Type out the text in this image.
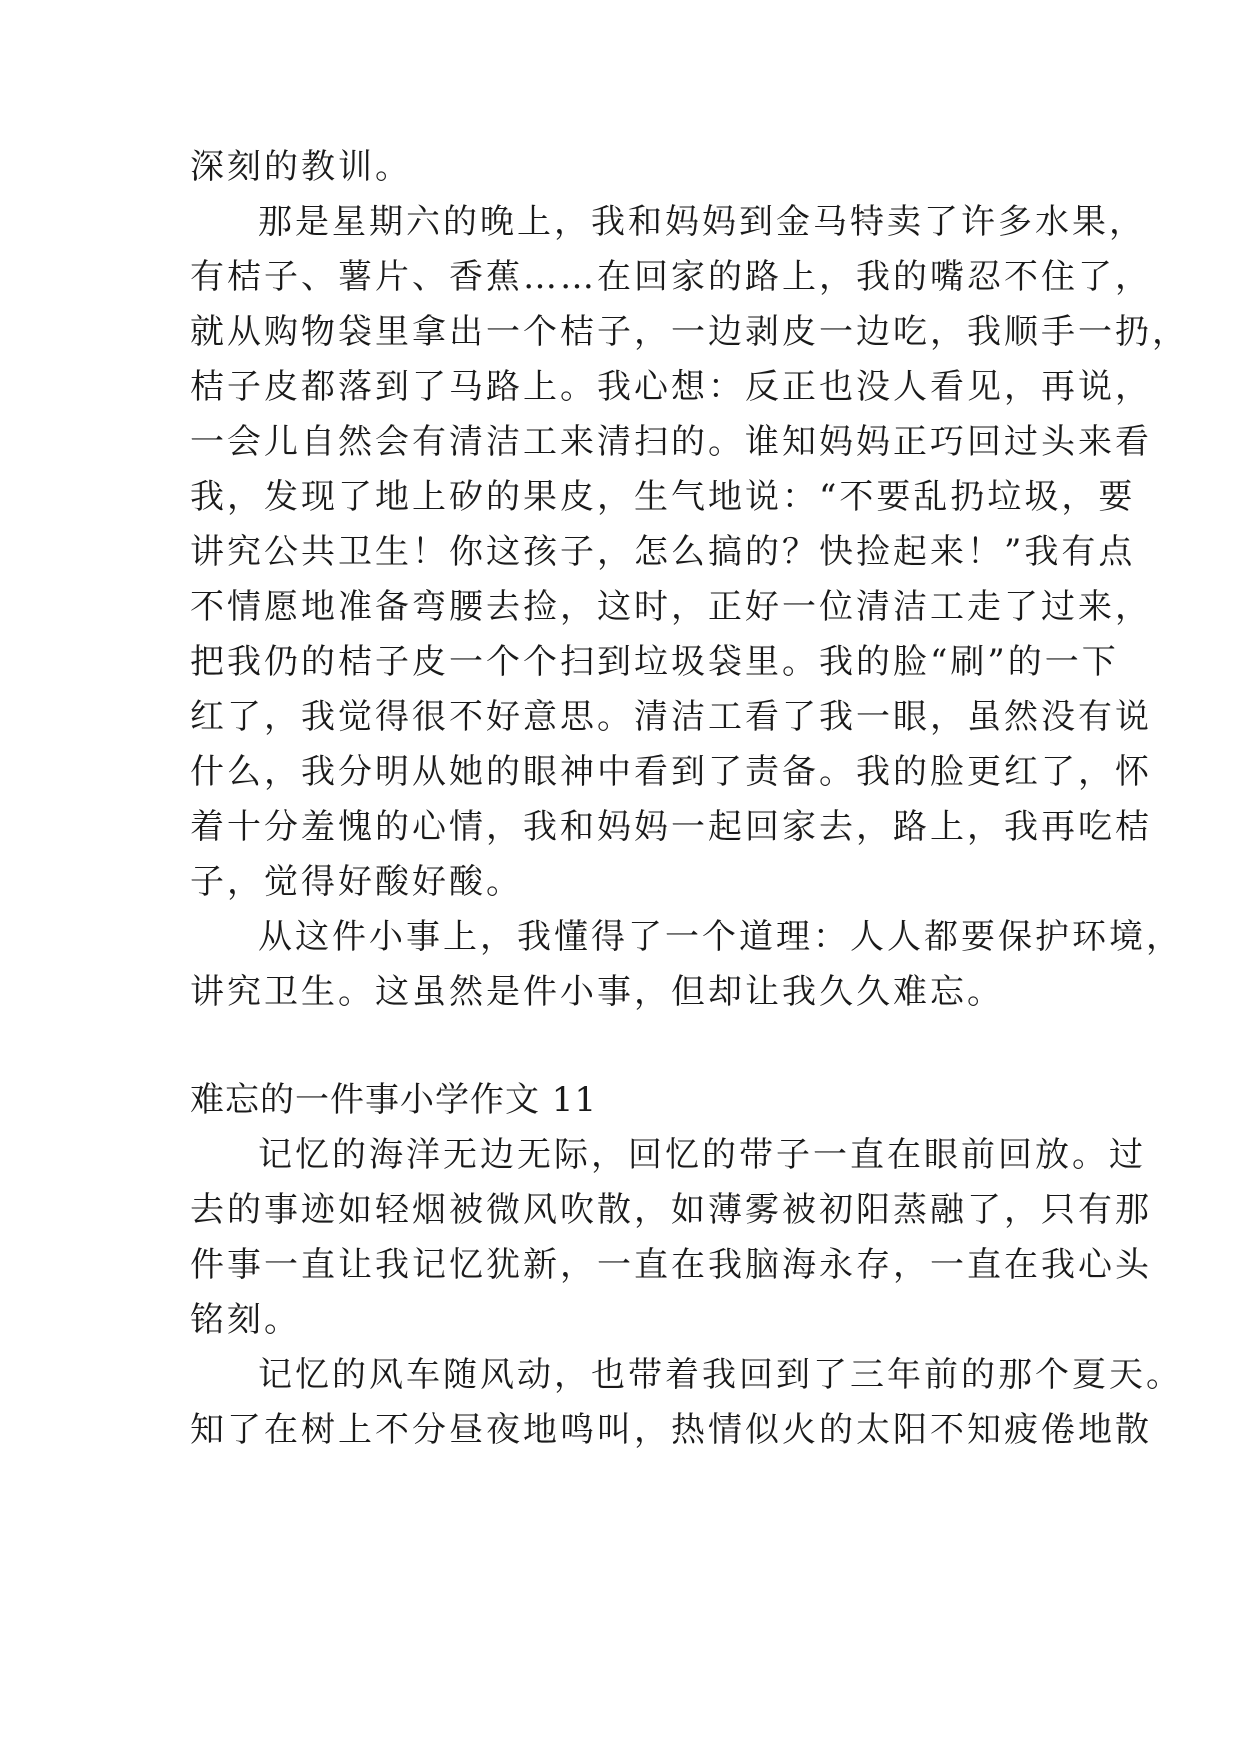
深刻的教训。
那是星期六的晚上，我和妈妈到金马特卖了许多水果，
有桔子、薯片、香蕉……在回家的路上，我的嘴忍不住了，
就从购物袋里拿出一个桔子，一边剥皮一边吃，我顺手一扔，
桔子皮都落到了马路上。我心想：反正也没人看见，再说，
一会儿自然会有清洁工来清扫的。谁知妈妈正巧回过头来看
我，发现了地上矽的果皮，生气地说：“不要乱扔垃圾，要
讲究公共卫生！你这孩子，怎么搞的？快捡起来！”我有点
不情愿地准备弯腰去捡，这时，正好一位清洁工走了过来，
把我仍的桔子皮一个个扫到垃圾袋里。我的脸“刷”的一下
红了，我觉得很不好意思。清洁工看了我一眼，虽然没有说
什么，我分明从她的眼神中看到了责备。我的脸更红了，怀
着十分羞愧的心情，我和妈妈一起回家去，路上，我再吃桔
子，觉得好酸好酸。
从这件小事上，我懂得了一个道理：人人都要保护环境，
讲究卫生。这虽然是件小事，但却让我久久难忘。
难忘的一件事小学作文 11
记忆的海洋无边无际，回忆的带子一直在眼前回放。过
去的事迹如轻烟被微风吹散，如薄雾被初阳蒸融了，只有那
件事一直让我记忆犹新，一直在我脑海永存，一直在我心头
铭刻。
记忆的风车随风动，也带着我回到了三年前的那个夏天。
知了在树上不分昼夜地鸣叫，热情似火的太阳不知疲倦地散
